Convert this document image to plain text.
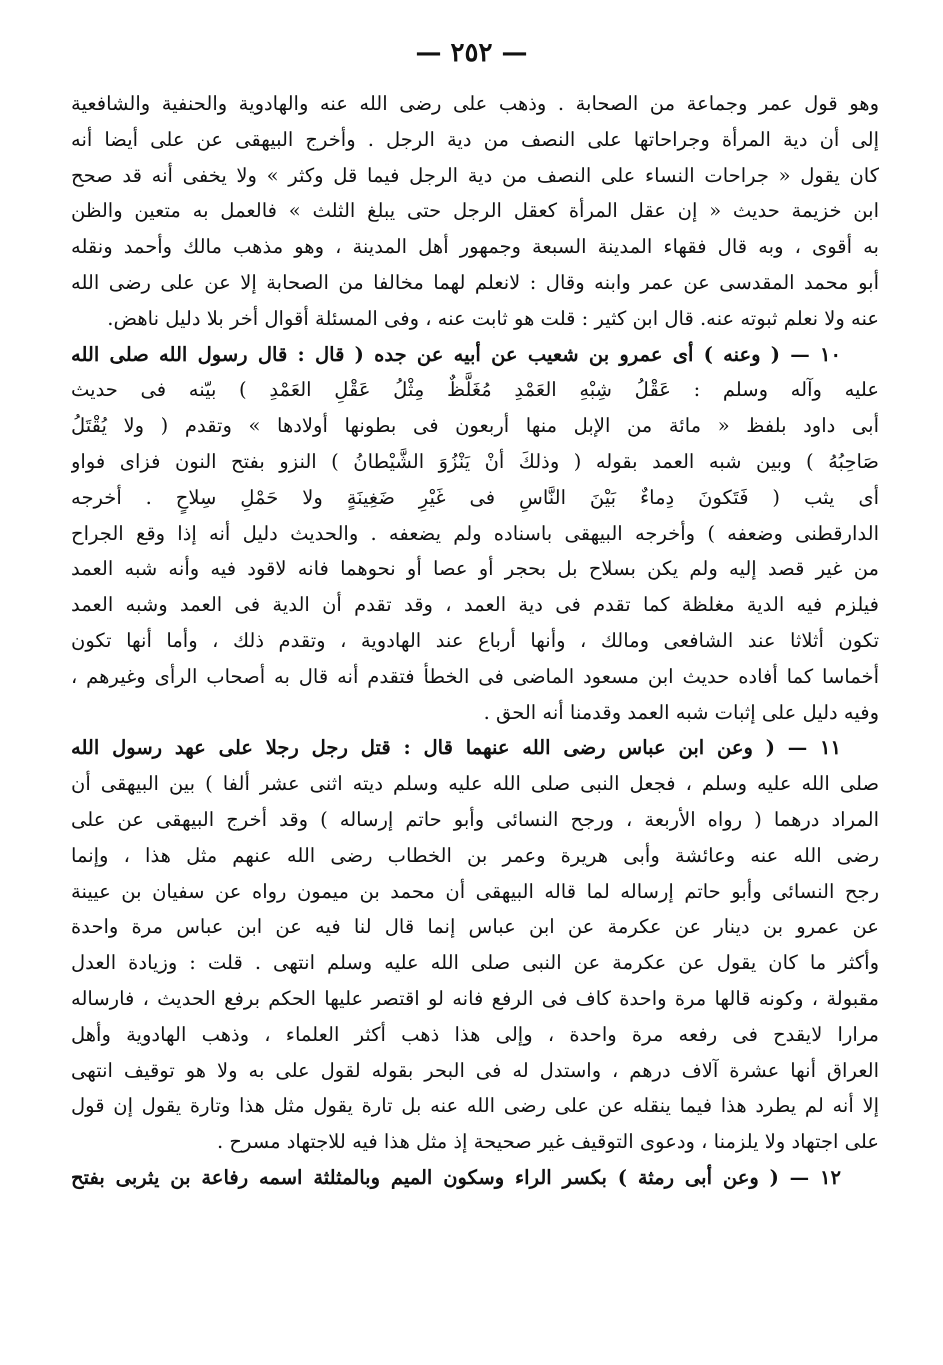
— ٢٥٢ —
وهو قول عمر وجماعة من الصحابة . وذهب على رضى الله عنه والهادوية والحنفية والشافعية
إلى أن دية المرأة وجراحاتها على النصف من دية الرجل . وأخرج البيهقى عن على أيضا أنه
كان يقول « جراحات النساء على النصف من دية الرجل فيما قل وكثر » ولا يخفى أنه قد صحح
ابن خزيمة حديث « إن عقل المرأة كعقل الرجل حتى يبلغ الثلث » فالعمل به متعين والظن
به أقوى ، وبه قال فقهاء المدينة السبعة وجمهور أهل المدينة ، وهو مذهب مالك وأحمد ونقله
أبو محمد المقدسى عن عمر وابنه وقال : لانعلم لهما مخالفا من الصحابة إلا عن على رضى الله
عنه ولا نعلم ثبوته عنه. قال ابن كثير : قلت هو ثابت عنه ، وفى المسئلة أقوال أخر بلا دليل ناهض.
١٠ — ( وعنه ) أى عمرو بن شعيب عن أبيه عن جده ( قال : قال رسول الله صلى الله
عليه وآله وسلم : عَقْلُ شِبْهِ العَمْدِ مُغَلَّظٌ مِثْلُ عَقْلِ العَمْدِ ) بيّنه فى حديث
أبى داود بلفظ « مائة من الإبل منها أربعون فى بطونها أولادها » وتقدم ( ولا يُقْتَلُ
صَاحِبُهُ ) وبين شبه العمد بقوله ( وذلكَ أنْ يَنْزُوَ الشَّيْطانُ ) النزو بفتح النون فزاى فواو
أى يثب ( فَتَكونَ دِماءٌ بَيْنَ النَّاسِ فى غَيْرِ ضَغِينَةٍ ولا حَمْلِ سِلاحٍ . أخرجه
الدارقطنى وضعفه ) وأخرجه البيهقى باسناده ولم يضعفه . والحديث دليل أنه إذا وقع الجراح
من غير قصد إليه ولم يكن بسلاح بل بحجر أو عصا أو نحوهما فانه لاقود فيه وأنه شبه العمد
فيلزم فيه الدية مغلظة كما تقدم فى دية العمد ، وقد تقدم أن الدية فى العمد وشبه العمد
تكون أثلاثا عند الشافعى ومالك ، وأنها أرباع عند الهادوية ، وتقدم ذلك ، وأما أنها تكون
أخماسا كما أفاده حديث ابن مسعود الماضى فى الخطأ فتقدم أنه قال به أصحاب الرأى وغيرهم ،
وفيه دليل على إثبات شبه العمد وقدمنا أنه الحق .
١١ — ( وعن ابن عباس رضى الله عنهما قال : قتل رجل رجلا على عهد رسول الله
صلى الله عليه وسلم ، فجعل النبى صلى الله عليه وسلم ديته اثنى عشر ألفا ) بين البيهقى أن
المراد درهما ( رواه الأربعة ، ورجح النسائى وأبو حاتم إرساله ) وقد أخرج البيهقى عن على
رضى الله عنه وعائشة وأبى هريرة وعمر بن الخطاب رضى الله عنهم مثل هذا ، وإنما
رجح النسائى وأبو حاتم إرساله لما قاله البيهقى أن محمد بن ميمون رواه عن سفيان بن عيينة
عن عمرو بن دينار عن عكرمة عن ابن عباس إنما قال لنا فيه عن ابن عباس مرة واحدة
وأكثر ما كان يقول عن عكرمة عن النبى صلى الله عليه وسلم انتهى . قلت : وزيادة العدل
مقبولة ، وكونه قالها مرة واحدة كاف فى الرفع فانه لو اقتصر عليها الحكم برفع الحديث ، فارساله
مرارا لايقدح فى رفعه مرة واحدة ، وإلى هذا ذهب أكثر العلماء ، وذهب الهادوية وأهل
العراق أنها عشرة آلاف درهم ، واستدل له فى البحر بقوله لقول على به ولا هو توقيف انتهى
إلا أنه لم يطرد هذا فيما ينقله عن على رضى الله عنه بل تارة يقول مثل هذا وتارة يقول إن قول
على اجتهاد ولا يلزمنا ، ودعوى التوقيف غير صحيحة إذ مثل هذا فيه للاجتهاد مسرح .
١٢ — ( وعن أبى رمثة ) بكسر الراء وسكون الميم وبالمثلثة اسمه رفاعة بن يثربى بفتح
